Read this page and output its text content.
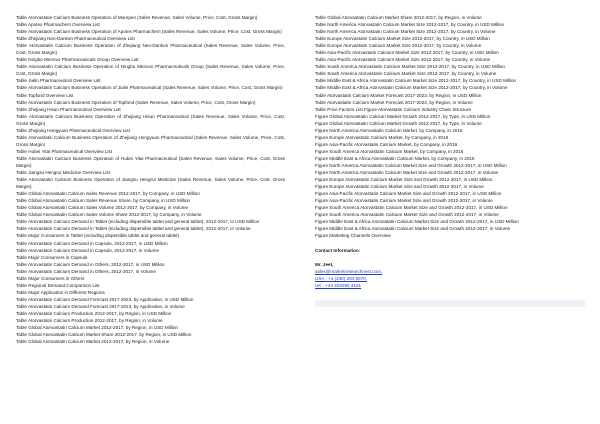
Table Atorvastatin Calcium Business Operation of Morepen (Sales Revenue, Sales Volume, Price, Cost, Gross Margin)
Table Apotex Pharmachem Overview List
Table Atorvastatin Calcium Business Operation of Apotex Pharmachem (Sales Revenue, Sales Volume, Price, Cost, Gross Margin)
Table Zhejiang Neo-Dankon Pharmaceutical Overview List
Table Atorvastatin Calcium Business Operation of Zhejiang Neo-Dankon Pharmaceutical (Sales Revenue, Sales Volume, Price, Cost, Gross Margin)
Table Ningbo Menovo Pharmaceuticals Group Overview List
Table Atorvastatin Calcium Business Operation of Ningbo Menovo Pharmaceuticals Group (Sales Revenue, Sales Volume, Price, Cost, Gross Margin)
Table Jialin Pharmaceutical Overview List
Table Atorvastatin Calcium Business Operation of Jialin Pharmaceutical (Sales Revenue, Sales Volume, Price, Cost, Gross Margin)
Table Topfond Overview List
Table Atorvastatin Calcium Business Operation of Topfond (Sales Revenue, Sales Volume, Price, Cost, Gross Margin)
Table Zhejiang Hisun Pharmaceutical Overview List
Table Atorvastatin Calcium Business Operation of Zhejiang Hisun Pharmaceutical (Sales Revenue, Sales Volume, Price, Cost, Gross Margin)
Table Zhejiang Hongyuan Pharmaceutical Overview List
Table Atorvastatin Calcium Business Operation of Zhejiang Hongyuan Pharmaceutical (Sales Revenue, Sales Volume, Price, Cost, Gross Margin)
Table Hubei Yitai Pharmaceutical Overview List
Table Atorvastatin Calcium Business Operation of Hubei Yitai Pharmaceutical (Sales Revenue, Sales Volume, Price, Cost, Gross Margin)
Table Jiangsu Hengrui Medicine Overview List
Table Atorvastatin Calcium Business Operation of Jiangsu Hengrui Medicine (Sales Revenue, Sales Volume, Price, Cost, Gross Margin)
Table Global Atorvastatin Calcium Sales Revenue 2012-2017, by Company, in USD Million
Table Global Atorvastatin Calcium Sales Revenue Share, by Company, in USD Million
Table Global Atorvastatin Calcium Sales Volume 2012-2017, by Company, in Volume
Table Global Atorvastatin Calcium Sales Volume Share 2012-2017, by Company, in Volume
Table Atorvastatin Calcium Demand in Tablet (including dispersible tablet and general tablet), 2012-2017, in USD Million
Table Atorvastatin Calcium Demand in Tablet (including dispersible tablet and general tablet), 2012-2017, in Volume
Table Major Consumers in Tablet (including dispersible tablet and general tablet)
Table Atorvastatin Calcium Demand in Capsule, 2012-2017, in USD Million
Table Atorvastatin Calcium Demand in Capsule, 2012-2017, in Volume
Table Major Consumers in Capsule
Table Atorvastatin Calcium Demand in Others, 2012-2017, in USD Million
Table Atorvastatin Calcium Demand in Others, 2012-2017, in Volume
Table Major Consumers in Others
Table Regional Demand Comparison List
Table Major Application in Different Regions
Table Atorvastatin Calcium Demand Forecast 2017-2023, by Application, in USD Million
Table Atorvastatin Calcium Demand Forecast 2017-2023, by Application, in Volume
Table Atorvastatin Calcium Production 2012-2017, by Region, in USD Million
Table Atorvastatin Calcium Production 2012-2017, by Region, in Volume
Table Global Atorvastatin Calcium Market 2012-2017, by Region, in USD Million
Table Global Atorvastatin Calcium Market Share 2012-2017, by Region, in USD Million
Table Global Atorvastatin Calcium Market 2012-2017, by Region, in Volume
Table Global Atorvastatin Calcium Market Share 2012-2017, by Region, in Volume
Table North America Atorvastatin Calcium Market Size 2012-2017, by Country, in USD Million
Table North America Atorvastatin Calcium Market Size 2012-2017, by Country, in Volume
Table Europe Atorvastatin Calcium Market Size 2012-2017, by Country, in USD Million
Table Europe Atorvastatin Calcium Market Size 2012-2017, by Country, in Volume
Table Asia-Pacific Atorvastatin Calcium Market Size 2012-2017, by Country, in USD Million
Table Asia-Pacific Atorvastatin Calcium Market Size 2012-2017, by Country, in Volume
Table South America Atorvastatin Calcium Market Size 2012-2017, by Country, in USD Million
Table South America Atorvastatin Calcium Market Size 2012-2017, by Country, in Volume
Table Middle East & Africa Atorvastatin Calcium Market Size 2012-2017, by Country, in USD Million
Table Middle East & Africa Atorvastatin Calcium Market Size 2012-2017, by Country, in Volume
Table Atorvastatin Calcium Market Forecast 2017-2023, by Region, in USD Million
Table Atorvastatin Calcium Market Forecast 2017-2023, by Region, in Volume
Table Price Factors List Figure Atorvastatin Calcium Industry Chain Structure
Figure Global Atorvastatin Calcium Market Growth 2012-2017, by Type, in USD Million
Figure Global Atorvastatin Calcium Market Growth 2012-2017, by Type, in Volume
Figure North America Atorvastatin Calcium Market, by Company, in 2016
Figure Europe Atorvastatin Calcium Market, by Company, in 2016
Figure Asia-Pacific Atorvastatin Calcium Market, by Company, in 2016
Figure South America Atorvastatin Calcium Market, by Company, in 2016
Figure Middle East & Africa Atorvastatin Calcium Market, by Company, in 2016
Figure North America Atorvastatin Calcium Market Size and Growth 2012-2017, in USD Million
Figure North America Atorvastatin Calcium Market Size and Growth 2012-2017, in Volume
Figure Europe Atorvastatin Calcium Market Size and Growth 2012-2017, in USD Million
Figure Europe Atorvastatin Calcium Market Size and Growth 2012-2017, in Volume
Figure Asia-Pacific Atorvastatin Calcium Market Size and Growth 2012-2017, in USD Million
Figure Asia-Pacific Atorvastatin Calcium Market Size and Growth 2012-2017, in Volume
Figure South America Atorvastatin Calcium Market Size and Growth 2012-2017, in USD Million
Figure South America Atorvastatin Calcium Market Size and Growth 2012-2017, in Volume
Figure Middle East & Africa Atorvastatin Calcium Market Size and Growth 2012-2017, in USD Million
Figure Middle East & Africa Atorvastatin Calcium Market Size and Growth 2012-2017, in Volume
Figure Marketing Channels Overview
Contact Information:
Mr. Jeet,
sales@marketresearchnest.com,
USA : +1 (240) 284 0070,
UK : +44 203290 4151
